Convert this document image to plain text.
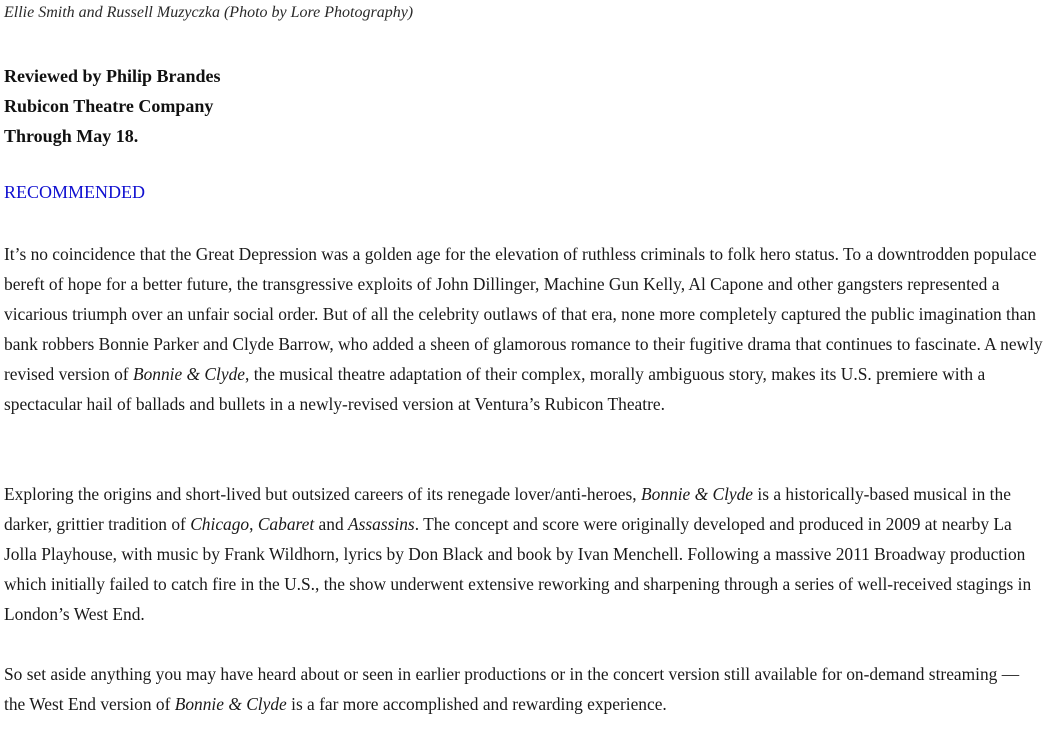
Ellie Smith and Russell Muzyczka (Photo by Lore Photography)
Reviewed by Philip Brandes
Rubicon Theatre Company
Through May 18.
RECOMMENDED

It’s no coincidence that the Great Depression was a golden age for the elevation of ruthless criminals to folk hero status. To a downtrodden populace bereft of hope for a better future, the transgressive exploits of John Dillinger, Machine Gun Kelly, Al Capone and other gangsters represented a vicarious triumph over an unfair social order. But of all the celebrity outlaws of that era, none more completely captured the public imagination than bank robbers Bonnie Parker and Clyde Barrow, who added a sheen of glamorous romance to their fugitive drama that continues to fascinate. A newly revised version of Bonnie & Clyde, the musical theatre adaptation of their complex, morally ambiguous story, makes its U.S. premiere with a spectacular hail of ballads and bullets in a newly-revised version at Ventura’s Rubicon Theatre.

Exploring the origins and short-lived but outsized careers of its renegade lover/anti-heroes, Bonnie & Clyde is a historically-based musical in the darker, grittier tradition of Chicago, Cabaret and Assassins. The concept and score were originally developed and produced in 2009 at nearby La Jolla Playhouse, with music by Frank Wildhorn, lyrics by Don Black and book by Ivan Menchell. Following a massive 2011 Broadway production which initially failed to catch fire in the U.S., the show underwent extensive reworking and sharpening through a series of well-received stagings in London’s West End.

So set aside anything you may have heard about or seen in earlier productions or in the concert version still available for on-demand streaming — the West End version of Bonnie & Clyde is a far more accomplished and rewarding experience.
